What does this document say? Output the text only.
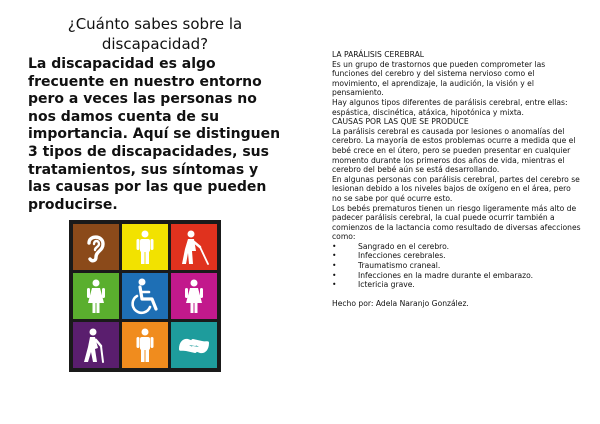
¿Cuánto sabes sobre la discapacidad?

La discapacidad es algo frecuente en nuestro entorno pero a veces las personas no nos damos cuenta de su importancia. Aquí se distinguen 3 tipos de discapacidades, sus tratamientos, sus síntomas y las causas por las que pueden producirse.

LA PARÁLISIS CEREBRAL

Es un grupo de trastornos que pueden comprometer las funciones del cerebro y del sistema nervioso como el movimiento, el aprendizaje, la audición, la visión y el pensamiento.

Hay algunos tipos diferentes de parálisis cerebral, entre ellas: espástica, discinética, atáxica, hipotónica y mixta.

CAUSAS POR LAS QUE SE PRODUCE

La parálisis cerebral es causada por lesiones o anomalías del cerebro. La mayoría de estos problemas ocurre a medida que el bebé crece en el útero, pero se pueden presentar en cualquier momento durante los primeros dos años de vida, mientras el cerebro del bebé aún se está desarrollando.

En algunas personas con parálisis cerebral, partes del cerebro se lesionan debido a los niveles bajos de oxígeno en el área, pero no se sabe por qué ocurre esto.

Los bebés prematuros tienen un riesgo ligeramente más alto de padecer parálisis cerebral, la cual puede ocurrir también a comienzos de la lactancia como resultado de diversas afecciones como:

•	Sangrado en el cerebro.
•	Infecciones cerebrales.
•	Traumatismo craneal.
•	Infecciones en la madre durante el embarazo.
•	Ictericia grave.

Hecho por: Adela Naranjo González.
